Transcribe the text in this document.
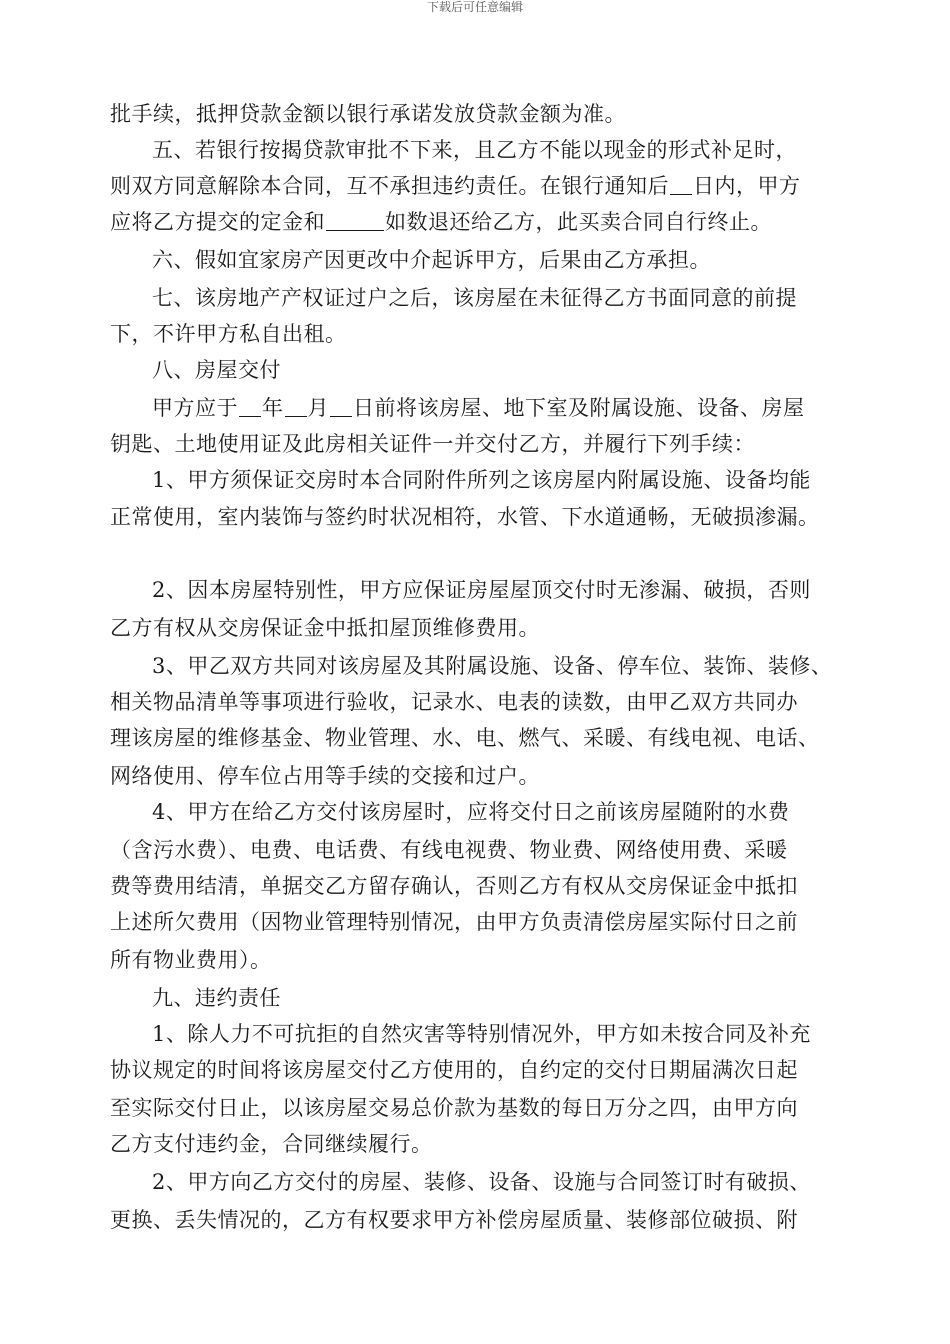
下载后可任意编辑
批手续，抵押贷款金额以银行承诺发放贷款金额为准。
五、若银行按揭贷款审批不下来，且乙方不能以现金的形式补足时，
则双方同意解除本合同，互不承担违约责任。在银行通知后 日内，甲方
应将乙方提交的定金和	如数退还给乙方，此买卖合同自行终止。
六、假如宜家房产因更改中介起诉甲方，后果由乙方承担。
七、该房地产产权证过户之后，该房屋在未征得乙方书面同意的前提
下，不许甲方私自出租。
八、房屋交付
甲方应于 年 月 日前将该房屋、地下室及附属设施、设备、房屋
钥匙、土地使用证及此房相关证件一并交付乙方，并履行下列手续：
1、甲方须保证交房时本合同附件所列之该房屋内附属设施、设备均能
正常使用，室内装饰与签约时状况相符，水管、下水道通畅，无破损渗漏。
2、因本房屋特别性，甲方应保证房屋屋顶交付时无渗漏、破损，否则
乙方有权从交房保证金中抵扣屋顶维修费用。
3、甲乙双方共同对该房屋及其附属设施、设备、停车位、装饰、装修、
相关物品清单等事项进行验收，记录水、电表的读数，由甲乙双方共同办
理该房屋的维修基金、物业管理、水、电、燃气、采暖、有线电视、电话、
网络使用、停车位占用等手续的交接和过户。
4、甲方在给乙方交付该房屋时，应将交付日之前该房屋随附的水费
（含污水费）、电费、电话费、有线电视费、物业费、网络使用费、采暖
费等费用结清，单据交乙方留存确认，否则乙方有权从交房保证金中抵扣
上述所欠费用（因物业管理特别情况，由甲方负责清偿房屋实际付日之前
所有物业费用）。
九、违约责任
1、除人力不可抗拒的自然灾害等特别情况外，甲方如未按合同及补充
协议规定的时间将该房屋交付乙方使用的，自约定的交付日期届满次日起
至实际交付日止，以该房屋交易总价款为基数的每日万分之四，由甲方向
乙方支付违约金，合同继续履行。
2、甲方向乙方交付的房屋、装修、设备、设施与合同签订时有破损、
更换、丢失情况的，乙方有权要求甲方补偿房屋质量、装修部位破损、附
